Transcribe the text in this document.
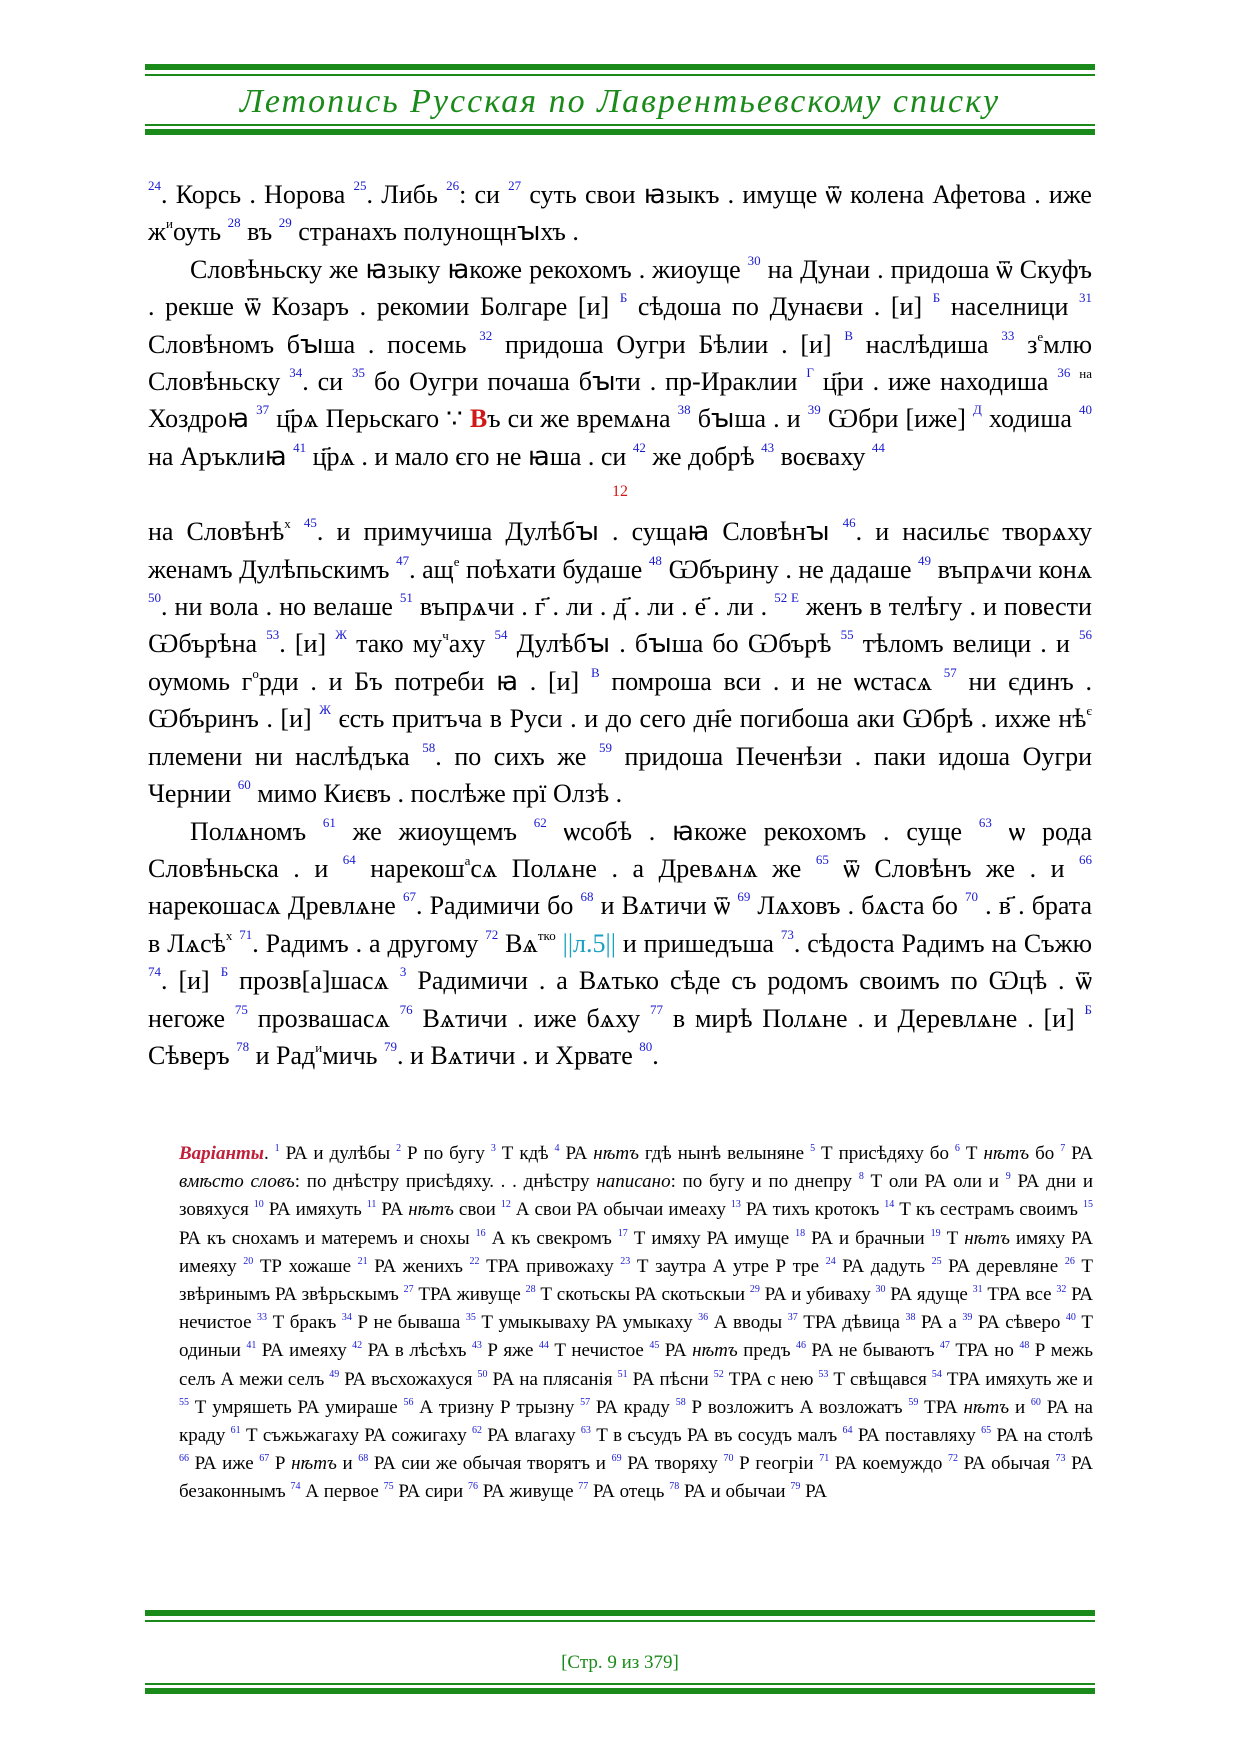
Летопись Русская по Лаврентьевскому списку

$^{24}$. Корсь . Норова $^{25}$. Либь $^{26}$: си $^{27}$ суть свои ꙗзыкъ . имуще ѿ колена Афетова . иже $ж^иоуть$ $^{28}$ въ $^{29}$ странахъ полунощнꙑхъ .

Словѣньску же ꙗзыку ꙗкоже рекохомъ . жиоуще $^{30}$ на Дунаи . придоша ѿ Скуфъ . рекше ѿ Козаръ . рекомии Болгаре [и] $^Б$ сѣдоша по Дунаєви . [и] $^Б$ населници $^{31}$ Словѣномъ бꙑша . посемь $^{32}$ придоша Оугри Бѣлии . [и] $^В$ наслѣдиша $^{33}$ $з^емлю$ Словѣньску $^{34}$. си $^{35}$ бо Оугри почаша бꙑти . пр-Ираклии $^Г$ ц҃ри . иже находиша $^{36}$ $^{на}$ Хоздроꙗ $^{37}$ ц҃рѧ Перьскаго ∵ Въ си же времѧна $^{38}$ бꙑша . и $^{39}$ Ѡбри [иже] $^Д$ ходиша $^{40}$ на Аръклиꙗ $^{41}$ ц҃рѧ . и мало єго не ꙗша . си $^{42}$ же добрѣ $^{43}$ воєваху $^{44}$

12

на Словѣнѣ$^х$ $^{45}$. и примучиша Дулѣбꙑ . сущаꙗ Словѣнꙑ $^{46}$. и насильє творѧху женамъ Дулѣпьскимъ $^{47}$. $ащ^е$ поѣхати будаше $^{48}$ Ѡбърину . не дадаше $^{49}$ въпрѧчи конѧ $^{50}$. ни вола . но велаше $^{51}$ въпрѧчи . г҃ . ли . д҃ . ли . е҃ . ли . $^{52 Е}$ женъ в телѣгу . и повести Ѡбърѣна $^{53}$. [и] $^Ж$ тако $му^чаху$ $^{54}$ Дулѣбꙑ . бꙑша бо Ѡбърѣ $^{55}$ тѣломъ велици . и $^{56}$ оумомь $г^орди$ . и Бъ потреби ꙗ . [и] $^В$ помроша вси . и не ѡстасѧ $^{57}$ ни єдинъ . Ѡбъринъ . [и] $^Ж$ єсть притъча в Руси . и до сего дн҃е погибоша аки Ѡбрѣ . ихже $нѣ^є$ племени ни наслѣдъка $^{58}$. по сихъ же $^{59}$ придоша Печенѣзи . паки идоша Оугри Чернии $^{60}$ мимо Києвъ . послѣже прї Олзѣ .

Полѧномъ $^{61}$ же жиоущемъ $^{62}$ ѡсобѣ . ꙗкоже рекохомъ . суще $^{63}$ ѡ рода Словѣньска . и $^{64}$ нарекош$^а$сѧ Полѧне . а Древѧнѧ же $^{65}$ ѿ Словѣнъ же . и $^{66}$ нарекошасѧ Древлѧне $^{67}$. Радимичи бо $^{68}$ и Вѧтичи ѿ $^{69}$ Лѧховъ . бѧста бо $^{70}$ . в҃ . брата в Лѧсѣ$^х$ $^{71}$. Радимъ . а другому $^{72}$ $Вѧ^{тко}$ ||л.5|| и пришедъша $^{73}$. сѣдоста Радимъ на Съжю $^{74}$. [и] $^Б$ прозв[а]шасѧ $^3$ Радимичи . а Вѧтько сѣде съ родомъ своимъ по Ѡцѣ . ѿ негоже $^{75}$ прозвашасѧ $^{76}$ Вѧтичи . иже бѧху $^{77}$ в мирѣ Полѧне . и Деревлѧне . [и] $^Б$ Сѣверъ $^{78}$ и Рад$^и$мичь $^{79}$. и Вѧтичи . и Хрвате $^{80}$.

Варіанты. $^1$ РА и дулѣбы $^2$ Р по бугу $^3$ Т кдѣ $^4$ РА нѣтъ гдѣ нынѣ велыняне $^5$ Т присѣдяху бо $^6$ Т нѣтъ бо $^7$ РА вмѣсто словъ: по днѣстру присѣдяху. . . днѣстру написано: по бугу и по днепру $^8$ Т оли РА оли и $^9$ РА дни и зовяхуся $^{10}$ РА имяхуть $^{11}$ РА нѣтъ свои $^{12}$ А свои РА обычаи имеаху $^{13}$ РА тихъ кротокъ $^{14}$ Т къ сестрамъ своимъ $^{15}$ РА къ снохамъ и матеремъ и снохы $^{16}$ А къ свекромъ $^{17}$ Т имяху РА имуще $^{18}$ РА и брачныи $^{19}$ Т нѣтъ имяху РА имеяху $^{20}$ ТР хожаше $^{21}$ РА женихъ $^{22}$ ТРА привожаху $^{23}$ Т заутра А утре Р тре $^{24}$ РА дадуть $^{25}$ РА деревляне $^{26}$ Т звѣринымъ РА звѣрьскымъ $^{27}$ ТРА живуще $^{28}$ Т скотьскы РА скотьскыи $^{29}$ РА и убиваху $^{30}$ РА ядуще $^{31}$ ТРА все $^{32}$ РА нечистое $^{33}$ Т бракъ $^{34}$ Р не бываша $^{35}$ Т умыкываху РА умыкаху $^{36}$ А вводы $^{37}$ ТРА дѣвица $^{38}$ РА а $^{39}$ РА сѣверо $^{40}$ Т одиныи $^{41}$ РА имеяху $^{42}$ РА в лѣсѣхъ $^{43}$ Р яже $^{44}$ Т нечистое $^{45}$ РА нѣтъ предъ $^{46}$ РА не бываютъ $^{47}$ ТРА но $^{48}$ Р межь селъ А межи селъ $^{49}$ РА въсхожахуся $^{50}$ РА на плясанія $^{51}$ РА пѣсни $^{52}$ ТРА с нею $^{53}$ Т свѣщався $^{54}$ ТРА имяхуть же и $^{55}$ Т умряшеть РА умираше $^{56}$ А тризну Р трызну $^{57}$ РА краду $^{58}$ Р возложитъ А возложатъ $^{59}$ ТРА нѣтъ и $^{60}$ РА на краду $^{61}$ Т съжьжагаху РА сожигаху $^{62}$ РА влагаху $^{63}$ Т в съсудъ РА въ сосудъ малъ $^{64}$ РА поставляху $^{65}$ РА на столѣ $^{66}$ РА иже $^{67}$ Р нѣтъ и $^{68}$ РА сии же обычая творятъ и $^{69}$ РА творяху $^{70}$ Р геогріи $^{71}$ РА коемуждо $^{72}$ РА обычая $^{73}$ РА безаконнымъ $^{74}$ А первое $^{75}$ РА сири $^{76}$ РА живуще $^{77}$ РА отець $^{78}$ РА и обычаи $^{79}$ РА

[Стр. 9 из 379]
